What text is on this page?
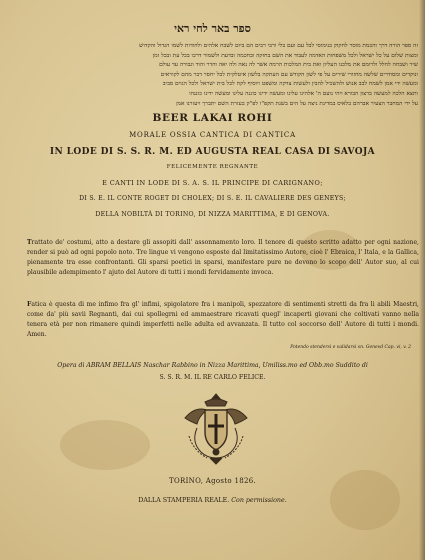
ספר באר לחי ראי
זה ספר הורה דרך והכמת מוסר לחקוק בנימוסי לבל עם ועם בלי ורבי רבים הם ביום לשבח אלהים ולהודות לשמו הגדול והקדוש
ומצות שלום על כל ישראל ולכל משפחות האדמה לעבוד את השם בחזקה ובחכמה ובדעת ולשמור דרכו בכל עת ובכל זמן
שיר ושבחה להלל ולרומם את מלכנו העליון ואת בית המלכות הרמה אשר לה נאה ולה יאה והדר והוד וגבורה עד עולם
ונוקדים ומסודרים שלשה מחזורי שירים על פי לשון הקודש עם העתקה בלשון איטלקית לבל יחסר דבר מהם לקוראים
ומעשה ידי אמן לשמח לבב אנוש ולהשכיל להבין ולעשות צדקה ומשפט ויוסיף לקח לכל בית ישראל ולכל הגוים סביב
ותצא הלכה למעשה ברצון הבורא ויהי נועם ה' אלהינו עלינו ומעשה ידינו כוננה עלינו ומעשה ידינו כוננהו
על ידי המחבר הצעיר אברהם בלאיס במדינת ניצה על הים בשנת תקפ"ו לפ"ק בעזרת השם יתברך ויעזרנו אמן
BEER LAKAI ROHI
MORALE OSSIA CANTICA DI CANTICA
IN LODE DI S. S. R. M. ED AUGUSTA REAL CASA DI SAVOJA
FELICEMENTE REGNANTE
E CANTI IN LODE DI S. A. S. IL PRINCIPE DI CARIGNANO;
DI S. E. IL CONTE ROGET DI CHOLEX; DI S. E. IL CAVALIERE DES GENEYS;
DELLA NOBILTÀ DI TORINO, DI NIZZA MARITTIMA, E DI GENOVA.
Trattato de' costumi, atto a destare gli assopiti dall' assonnamento loro. Il tenore di questo scritto adatto per ogni nazione, render si può ad ogni popolo noto. Tre lingue vi vengono esposte dal limitatissimo Autore, cioè l' Ebraica, l' Itala, e la Gallica, pienamente tra esse confrontanti. Gli sparsi poetici in sparsi, manifestare pure ne devono lo scopo dell' Autor suo, al cui plausibile adempimento l' ajuto del Autore di tutti i mondi fervidamente invoca.
Fatica è questa di me infimo fra gl' infimi, spigolatore fra i manipoli, spezzatore di sentimenti stretti da fra li abili Maestri, come da' più savii Regnanti, dai cui spollegrni ed ammaestrare ricavati quegl' incaperti giovani che coltivati vanno nella tenera età per non rimanere quindi imperfetti nelle adulta ed avvanzata. Il tutto col soccorso dell' Autore di tutti i mondi. Amen.
Potendo stendersi e validarsi sn. Genevd Cap. vi, v. 2
Opera di ABRAM BELLAIS Naschar Rabbino in Nizza Marittima, Umiliss.mo ed Obb.mo Suddito di
S. S. R. M. IL RE CARLO FELICE.
TORINO, Agosto 1826.
DALLA STAMPERIA REALE. Con permissione.
